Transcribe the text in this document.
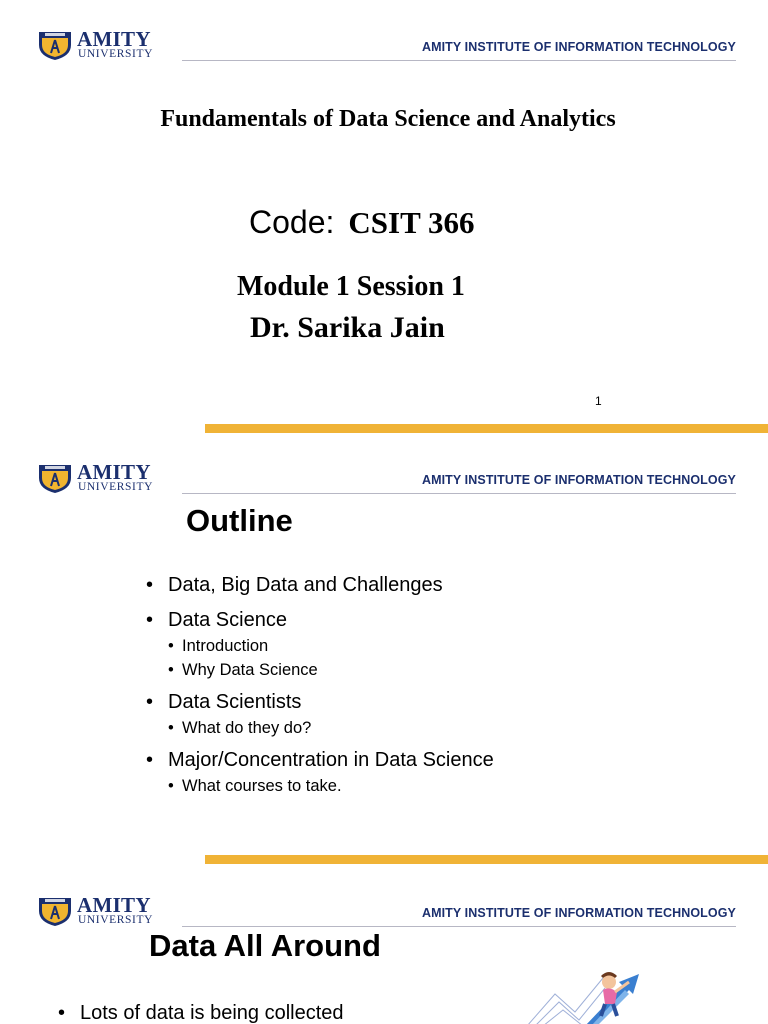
AMITY
UNIVERSITY	AMITY INSTITUTE OF INFORMATION TECHNOLOGY
Fundamentals of Data Science and Analytics
Code: CSIT 366
Module 1 Session 1
Dr. Sarika Jain
1
AMITY
UNIVERSITY	AMITY INSTITUTE OF INFORMATION TECHNOLOGY
Outline
• Data, Big Data and Challenges
• Data Science
• Introduction
• Why Data Science
• Data Scientists
• What do they do?
• Major/Concentration in Data Science
• What courses to take.
AMITY
UNIVERSITY	AMITY INSTITUTE OF INFORMATION TECHNOLOGY
Data All Around
• Lots of data is being collected
